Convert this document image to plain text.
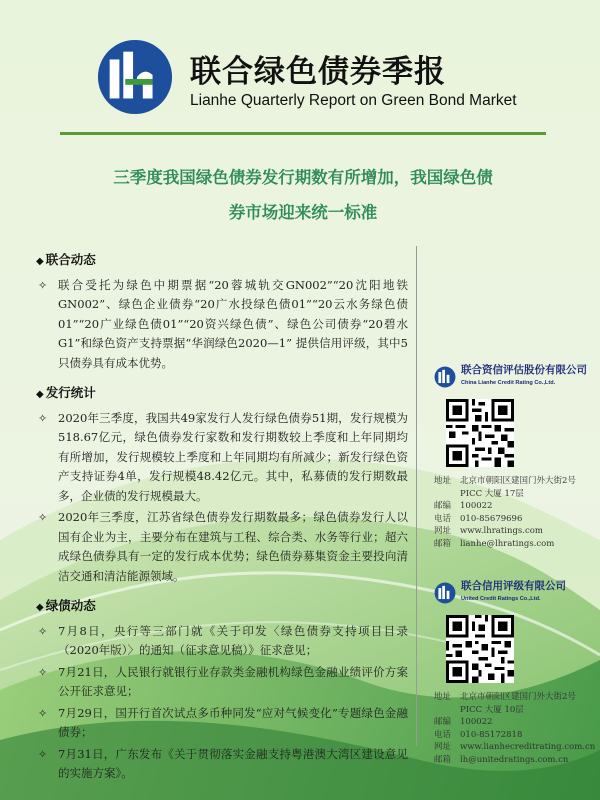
联合绿色债券季报
Lianhe Quarterly Report on Green Bond Market
三季度我国绿色债券发行期数有所增加，我国绿色债
券市场迎来统一标准
◆ 联合动态
✧ 联合受托为绿色中期票据“20蓉城轨交GN002”“20沈阳地铁GN002”、绿色企业债券“20广水投绿色债01”“20云水务绿色债01”“20广业绿色债01”“20资兴绿色债”、绿色公司债券“20碧水G1”和绿色资产支持票据“华润绿色2020—1” 提供信用评级，其中5只债券具有成本优势。
◆ 发行统计
✧ 2020年三季度，我国共49家发行人发行绿色债券51期，发行规模为518.67亿元，绿色债券发行家数和发行期数较上季度和上年同期均有所增加，发行规模较上季度和上年同期均有所减少；新发行绿色资产支持证券4单，发行规模48.42亿元。其中，私募债的发行期数最多，企业债的发行规模最大。
✧ 2020年三季度，江苏省绿色债券发行期数最多；绿色债券发行人以国有企业为主，主要分布在建筑与工程、综合类、水务等行业；超六成绿色债券具有一定的发行成本优势；绿色债券募集资金主要投向清洁交通和清洁能源领域。
◆ 绿债动态
✧ 7月8日，央行等三部门就《关于印发〈绿色债券支持项目目录（2020年版）〉的通知（征求意见稿）》征求意见；
✧ 7月21日，人民银行就银行业存款类金融机构绿色金融业绩评价方案公开征求意见；
✧ 7月29日，国开行首次试点多币种同发“应对气候变化”专题绿色金融债券；
✧ 7月31日，广东发布《关于贯彻落实金融支持粤港澳大湾区建设意见的实施方案》。
联合资信评估股份有限公司
China Lianhe Credit Rating Co.,Ltd.
地址	北京市朝阳区建国门外大街2号 PICC 大厦 17层
邮编	100022
电话	010-85679696
网址	www.lhratings.com
邮箱	lianhe@lhratings.com
联合信用评级有限公司
United Credit Ratings Co.,Ltd.
地址	北京市朝阳区建国门外大街2号 PICC 大厦 10层
邮编	100022
电话	010-85172818
网址	www.lianhecreditrating.com.cn
邮箱	lh@unitedratings.com.cn
